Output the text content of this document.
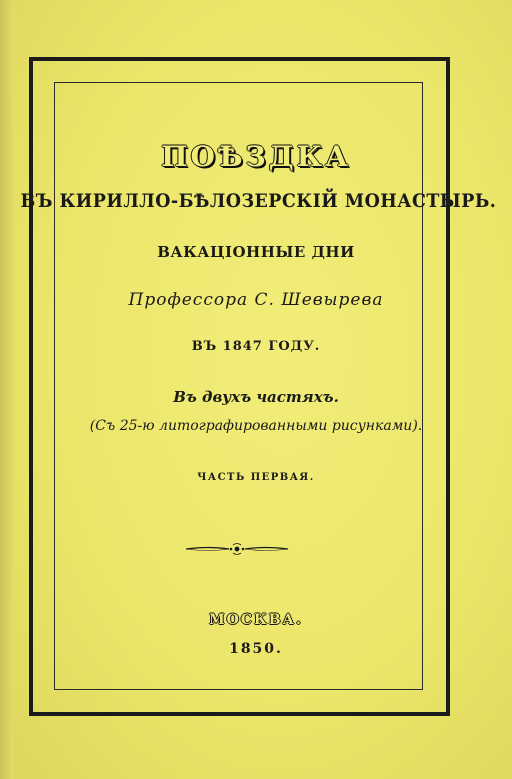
ПОѢЗДКА
ВЪ КИРИЛЛО-БѢЛОЗЕРСКІЙ МОНАСТЫРЬ.
ВАКАЦІОННЫЕ ДНИ
Профессора С. Шевырева
ВЪ 1847 ГОДУ.
Въ двухъ частяхъ.
(Съ 25-ю литографированными рисунками).
ЧАСТЬ ПЕРВАЯ.
МОСКВА.
1850.
